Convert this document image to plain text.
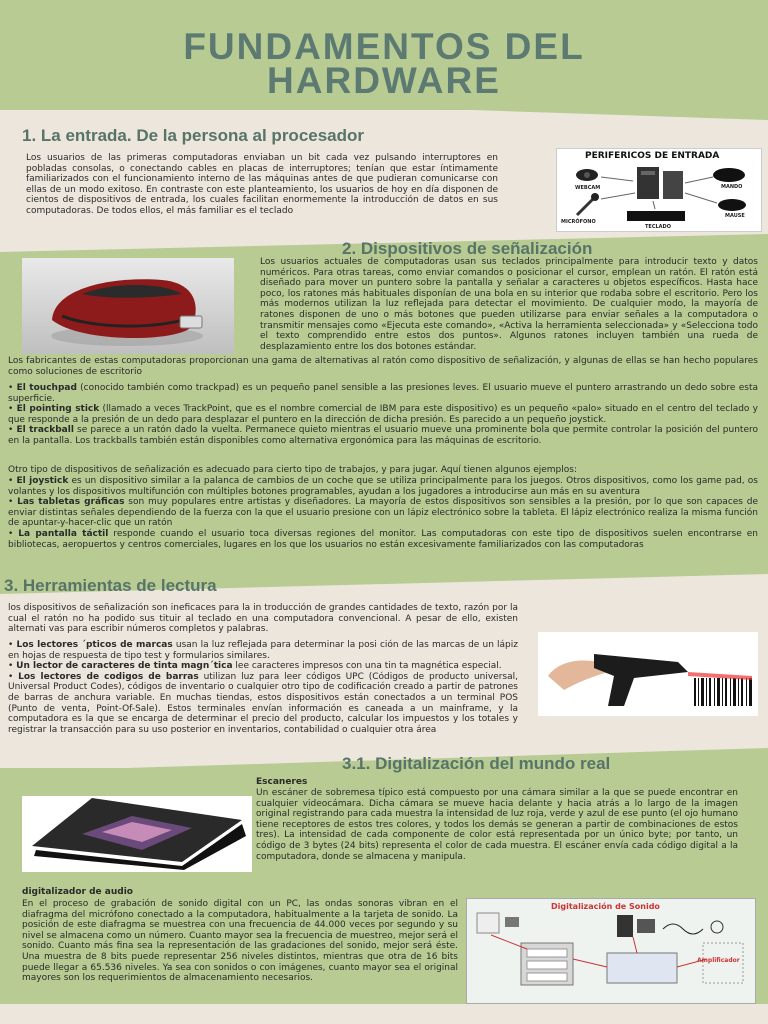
FUNDAMENTOS DEL
HARDWARE
1. La entrada. De la persona al procesador

Los usuarios de las primeras computadoras enviaban un bit cada vez pulsando interruptores en pobladas consolas, o conectando cables en placas de interruptores; tenían que estar íntimamente familiarizados con el funcionamiento interno de las máquinas antes de que pudieran comunicarse con ellas de un modo exitoso. En contraste con este planteamiento, los usuarios de hoy en día disponen de cientos de dispositivos de entrada, los cuales facilitan enormemente la introducción de datos en sus computadoras. De todos ellos, el más familiar es el teclado

PERIFERICOS DE ENTRADA
WEBCAM	MANDO
MICRÓFONO
TECLADO
MAUSE
2. Dispositivos de señalización

Los usuarios actuales de computadoras usan sus teclados principalmente para introducir texto y datos numéricos. Para otras tareas, como enviar comandos o posicionar el cursor, emplean un ratón. El ratón está diseñado para mover un puntero sobre la pantalla y señalar a caracteres u objetos específicos. Hasta hace poco, los ratones más habituales disponían de una bola en su interior que rodaba sobre el escritorio. Pero los más modernos utilizan la luz reflejada para detectar el movimiento. De cualquier modo, la mayoría de ratones disponen de uno o más botones que pueden utilizarse para enviar señales a la computadora o transmitir mensajes como «Ejecuta este comando», «Activa la herramienta seleccionada» y «Selecciona todo el texto comprendido entre estos dos puntos». Algunos ratones incluyen también una rueda de desplazamiento entre los dos botones estándar.

Los fabricantes de estas computadoras proporcionan una gama de alternativas al ratón como dispositivo de señalización, y algunas de ellas se han hecho populares como soluciones de escritorio

• El touchpad (conocido también como trackpad) es un pequeño panel sensible a las presiones leves. El usuario mueve el puntero arrastrando un dedo sobre esta superficie.
• El pointing stick (llamado a veces TrackPoint, que es el nombre comercial de IBM para este dispositivo) es un pequeño «palo» situado en el centro del teclado y que responde a la presión de un dedo para desplazar el puntero en la dirección de dicha presión. Es parecido a un pequeño joystick.
• El trackball se parece a un ratón dado la vuelta. Permanece quieto mientras el usuario mueve una prominente bola que permite controlar la posición del puntero en la pantalla. Los trackballs también están disponibles como alternativa ergonómica para las máquinas de escritorio.

Otro tipo de dispositivos de señalización es adecuado para cierto tipo de trabajos, y para jugar. Aquí tienen algunos ejemplos:

• El joystick es un dispositivo similar a la palanca de cambios de un coche que se utiliza principalmente para los juegos. Otros dispositivos, como los game pad, os volantes y los dispositivos multifunción con múltiples botones programables, ayudan a los jugadores a introducirse aun más en su aventura
• Las tabletas gráficas son muy populares entre artistas y diseñadores. La mayoría de estos dispositivos son sensibles a la presión, por lo que son capaces de enviar distintas señales dependiendo de la fuerza con la que el usuario presione con un lápiz electrónico sobre la tableta. El lápiz electrónico realiza la misma función de apuntar-y-hacer-clic que un ratón
• La pantalla táctil responde cuando el usuario toca diversas regiones del monitor. Las computadoras con este tipo de dispositivos suelen encontrarse en bibliotecas, aeropuertos y centros comerciales, lugares en los que los usuarios no están excesivamente familiarizados con las computadoras
3. Herramientas de lectura

los dispositivos de señalización son ineficaces para la in troducción de grandes cantidades de texto, razón por la cual el ratón no ha podido sus tituir al teclado en una computadora convencional. A pesar de ello, existen alternati vas para escribir números completos y palabras.

• Los lectores ´pticos de marcas usan la luz reflejada para determinar la posi ción de las marcas de un lápiz en hojas de respuesta de tipo test y formularios similares.
• Un lector de caracteres de tinta magn´tica lee caracteres impresos con una tin ta magnética especial.
• Los lectores de codigos de barras utilizan luz para leer códigos UPC (Códigos de producto universal, Universal Product Codes), códigos de inventario o cualquier otro tipo de codificación creado a partir de patrones de barras de anchura variable. En muchas tiendas, estos dispositivos están conectados a un terminal POS (Punto de venta, Point-Of-Sale). Estos terminales envían información es caneada a un mainframe, y la computadora es la que se encarga de determinar el precio del producto, calcular los impuestos y los totales y registrar la transacción para su uso posterior en inventarios, contabilidad o cualquier otra área
3.1. Digitalización del mundo real
Escaneres

Un escáner de sobremesa típico está compuesto por una cámara similar a la que se puede encontrar en cualquier videocámara. Dicha cámara se mueve hacia delante y hacia atrás a lo largo de la imagen original registrando para cada muestra la intensidad de luz roja, verde y azul de ese punto (el ojo humano tiene receptores de estos tres colores, y todos los demás se generan a partir de combinaciones de estos tres). La intensidad de cada componente de color está representada por un único byte; por tanto, un código de 3 bytes (24 bits) representa el color de cada muestra. El escáner envía cada código digital a la computadora, donde se almacena y manipula.

digitalizador de audio

En el proceso de grabación de sonido digital con un PC, las ondas sonoras vibran en el diafragma del micrófono conectado a la computadora, habitualmente a la tarjeta de sonido. La posición de este diafragma se muestrea con una frecuencia de 44.000 veces por segundo y su nivel se almacena como un número. Cuanto mayor sea la frecuencia de muestreo, mejor será el sonido. Cuanto más fina sea la representación de las gradaciones del sonido, mejor será éste. Una muestra de 8 bits puede representar 256 niveles distintos, mientras que otra de 16 bits puede llegar a 65.536 niveles. Ya sea con sonidos o con imágenes, cuanto mayor sea el original mayores son los requerimientos de almacenamiento necesarios.

Digitalización de Sonido
Amplificador
